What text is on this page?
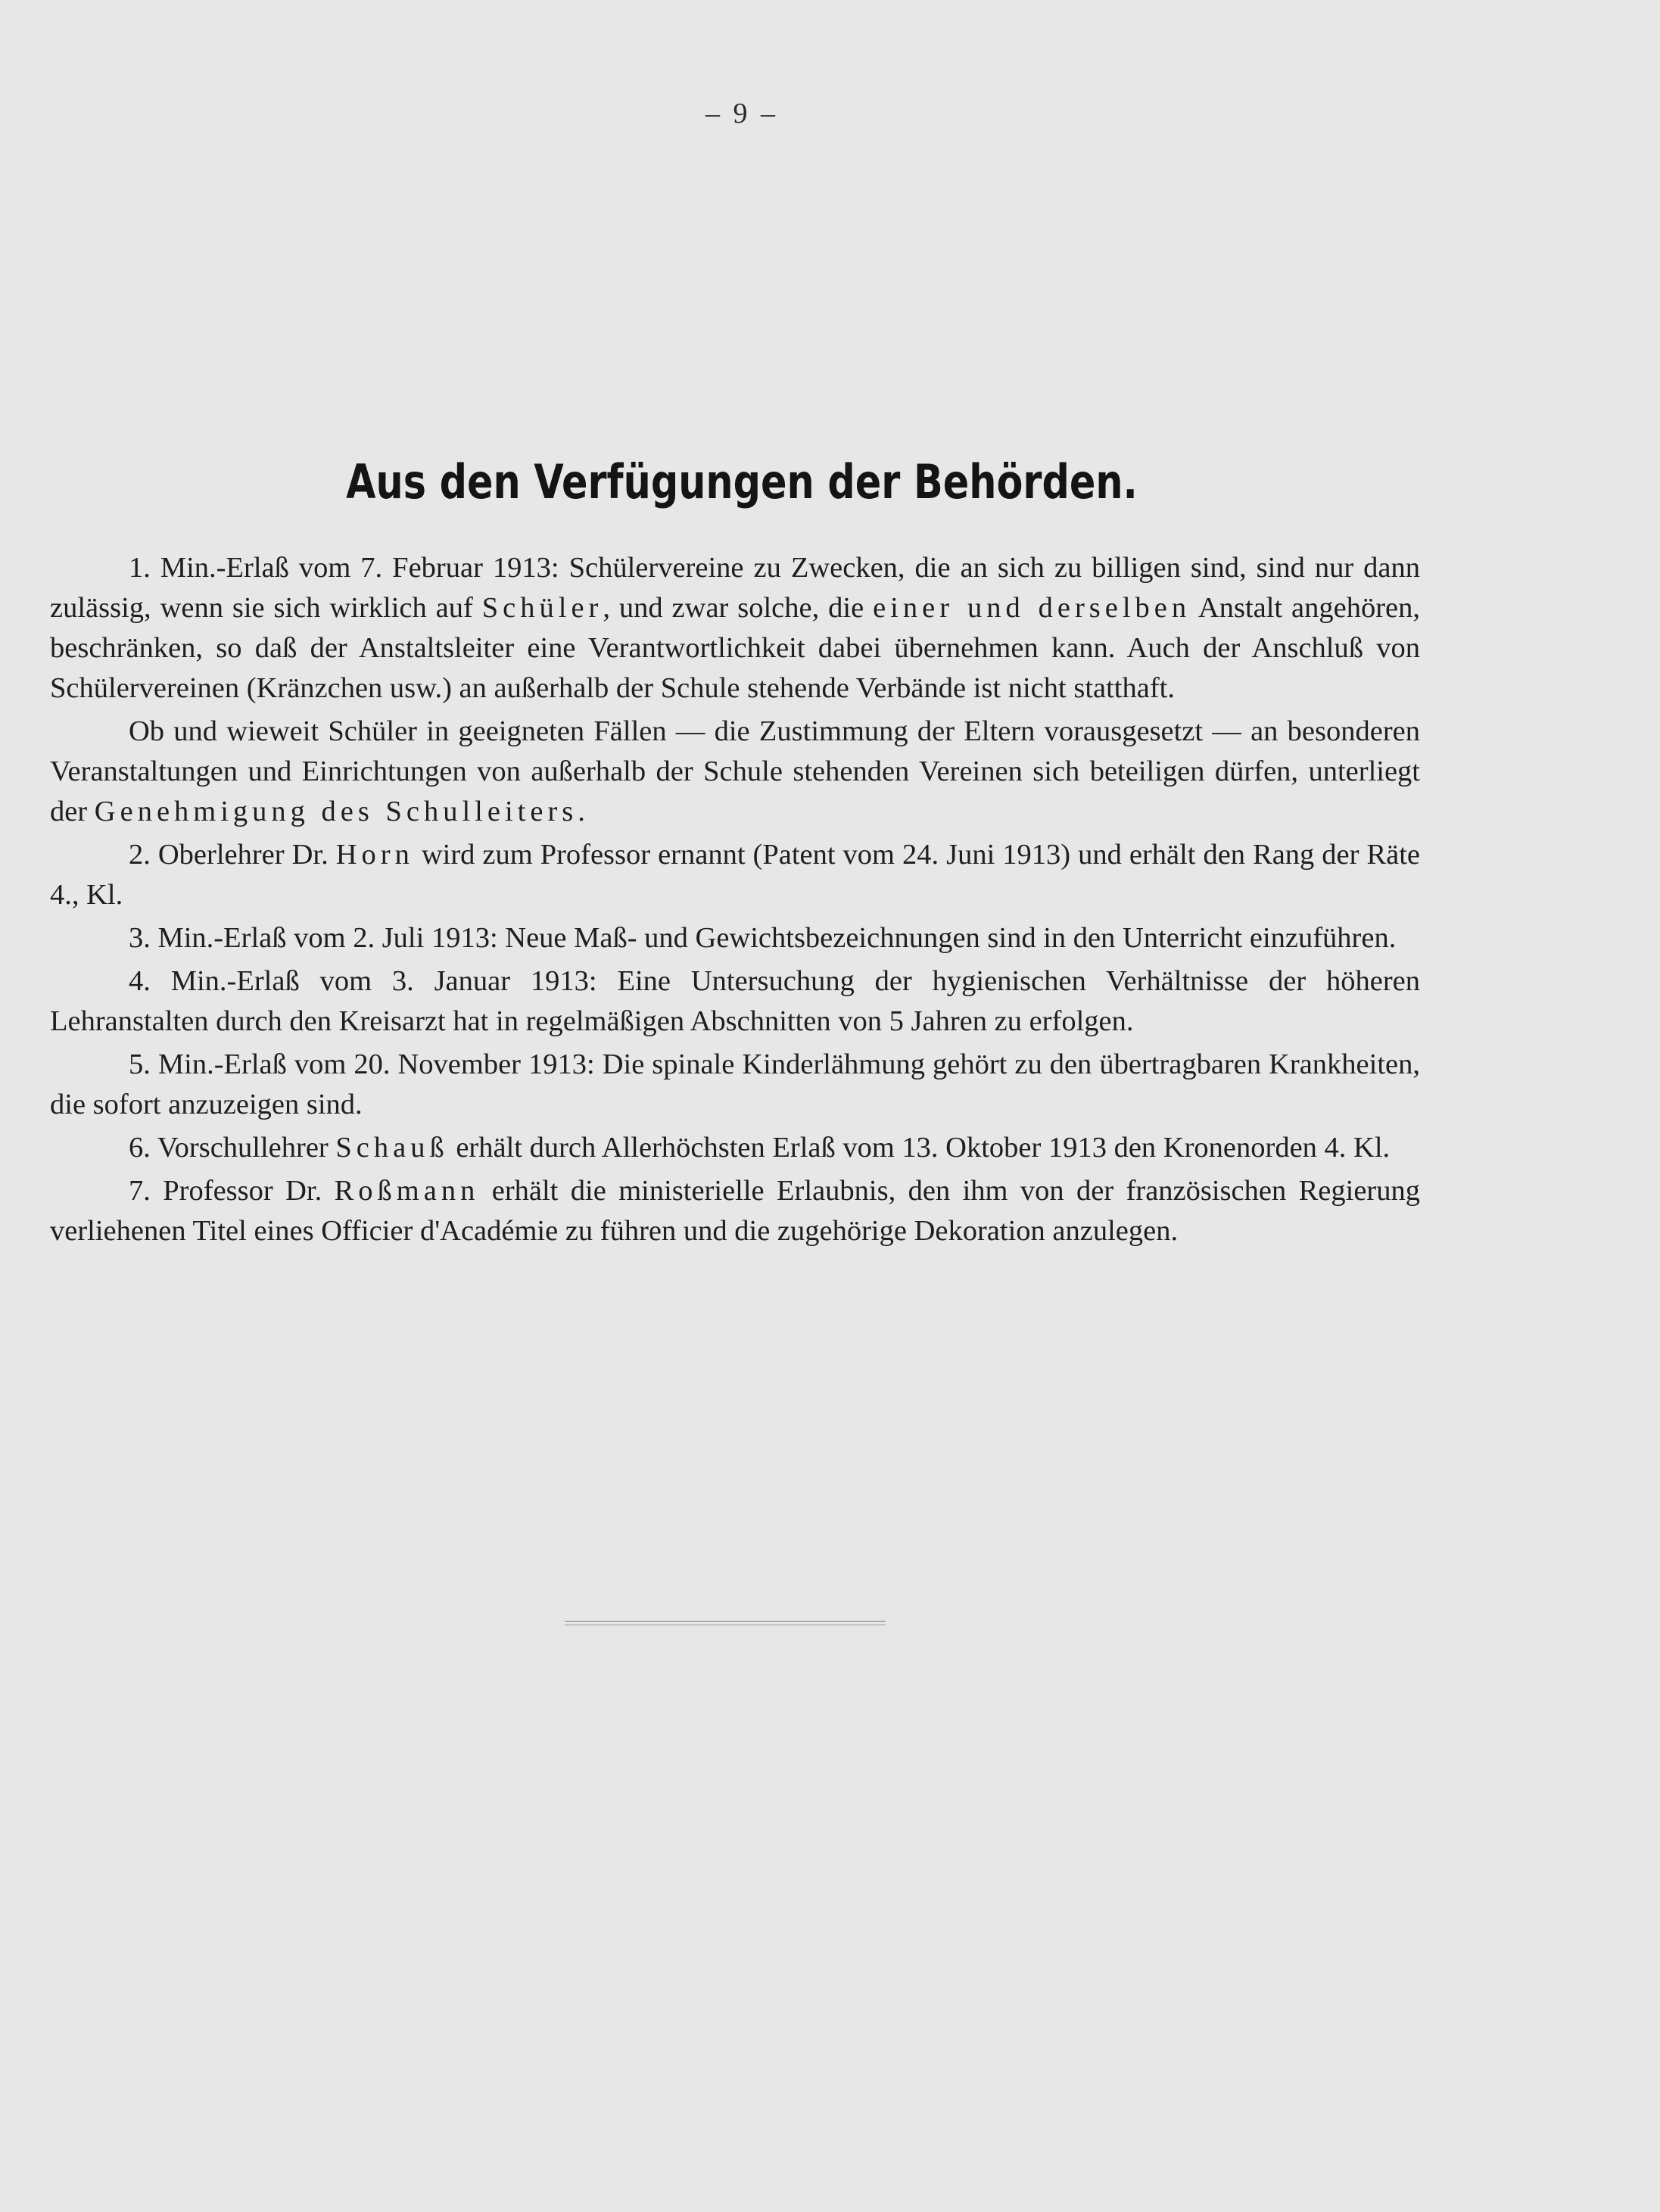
– 9 –
Aus den Verfügungen der Behörden.

1. Min.-Erlaß vom 7. Februar 1913: Schülervereine zu Zwecken, die an sich zu billigen sind, sind nur dann zulässig, wenn sie sich wirklich auf Schüler, und zwar solche, die einer und derselben Anstalt angehören, beschränken, so daß der Anstaltsleiter eine Verantwortlichkeit dabei übernehmen kann. Auch der Anschluß von Schülervereinen (Kränzchen usw.) an außerhalb der Schule stehende Verbände ist nicht statthaft.

Ob und wieweit Schüler in geeigneten Fällen — die Zustimmung der Eltern vorausgesetzt — an besonderen Veranstaltungen und Einrichtungen von außerhalb der Schule stehenden Vereinen sich beteiligen dürfen, unterliegt der Genehmigung des Schulleiters.

2. Oberlehrer Dr. Horn wird zum Professor ernannt (Patent vom 24. Juni 1913) und erhält den Rang der Räte 4., Kl.

3. Min.-Erlaß vom 2. Juli 1913: Neue Maß- und Gewichtsbezeichnungen sind in den Unterricht einzuführen.

4. Min.-Erlaß vom 3. Januar 1913: Eine Untersuchung der hygienischen Verhältnisse der höheren Lehranstalten durch den Kreisarzt hat in regelmäßigen Abschnitten von 5 Jahren zu erfolgen.

5. Min.-Erlaß vom 20. November 1913: Die spinale Kinderlähmung gehört zu den übertragbaren Krankheiten, die sofort anzuzeigen sind.

6. Vorschullehrer Schauß erhält durch Allerhöchsten Erlaß vom 13. Oktober 1913 den Kronenorden 4. Kl.

7. Professor Dr. Roßmann erhält die ministerielle Erlaubnis, den ihm von der französischen Regierung verliehenen Titel eines Officier d'Académie zu führen und die zugehörige Dekoration anzulegen.
